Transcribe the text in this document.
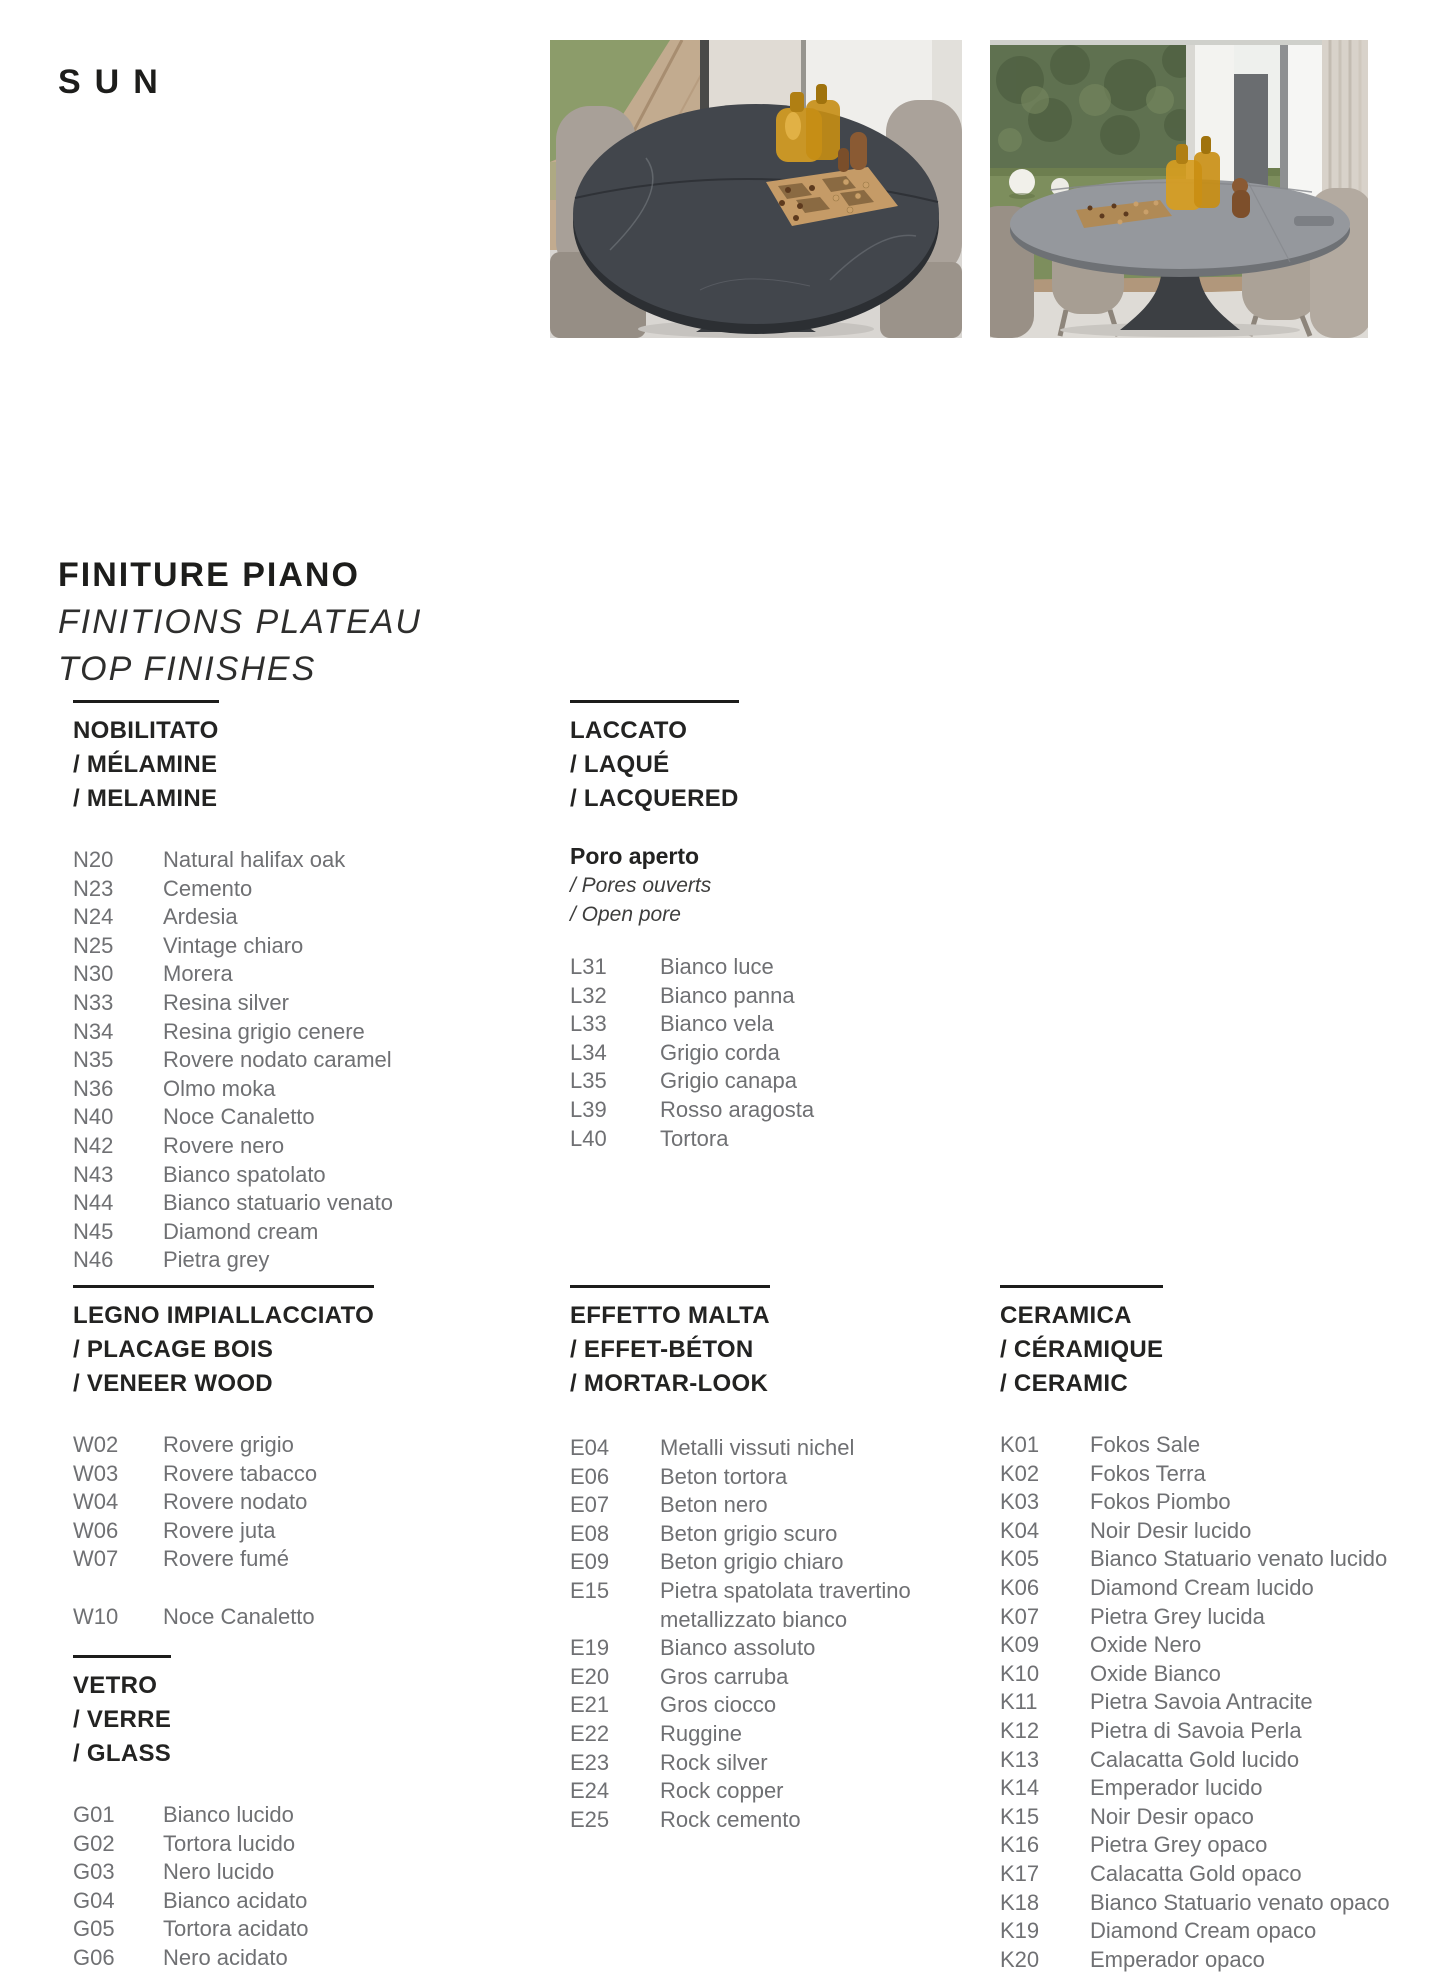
SUN
FINITURE PIANO
FINITIONS PLATEAU
TOP FINISHES
NOBILITATO
/ MÉLAMINE
/ MELAMINE
N20	Natural halifax oak
N23	Cemento
N24	Ardesia
N25	Vintage chiaro
N30	Morera
N33	Resina silver
N34	Resina grigio cenere
N35	Rovere nodato caramel
N36	Olmo moka
N40	Noce Canaletto
N42	Rovere nero
N43	Bianco spatolato
N44	Bianco statuario venato
N45	Diamond cream
N46	Pietra grey
LACCATO
/ LAQUÉ
/ LACQUERED
Poro aperto
/ Pores ouverts
/ Open pore
L31	Bianco luce
L32	Bianco panna
L33	Bianco vela
L34	Grigio corda
L35	Grigio canapa
L39	Rosso aragosta
L40	Tortora
LEGNO IMPIALLACCIATO
/ PLACAGE BOIS
/ VENEER WOOD
W02	Rovere grigio
W03	Rovere tabacco
W04	Rovere nodato
W06	Rovere juta
W07	Rovere fumé
W10	Noce Canaletto
EFFETTO MALTA
/ EFFET-BÉTON
/ MORTAR-LOOK
E04	Metalli vissuti nichel
E06	Beton tortora
E07	Beton nero
E08	Beton grigio scuro
E09	Beton grigio chiaro
E15	Pietra spatolata travertino
metallizzato bianco
E19	Bianco assoluto
E20	Gros carruba
E21	Gros ciocco
E22	Ruggine
E23	Rock silver
E24	Rock copper
E25	Rock cemento
CERAMICA
/ CÉRAMIQUE
/ CERAMIC
K01	Fokos Sale
K02	Fokos Terra
K03	Fokos Piombo
K04	Noir Desir lucido
K05	Bianco Statuario venato lucido
K06	Diamond Cream lucido
K07	Pietra Grey lucida
K09	Oxide Nero
K10	Oxide Bianco
K11	Pietra Savoia Antracite
K12	Pietra di Savoia Perla
K13	Calacatta Gold lucido
K14	Emperador lucido
K15	Noir Desir opaco
K16	Pietra Grey opaco
K17	Calacatta Gold opaco
K18	Bianco Statuario venato opaco
K19	Diamond Cream opaco
K20	Emperador opaco
VETRO
/ VERRE
/ GLASS
G01	Bianco lucido
G02	Tortora lucido
G03	Nero lucido
G04	Bianco acidato
G05	Tortora acidato
G06	Nero acidato
